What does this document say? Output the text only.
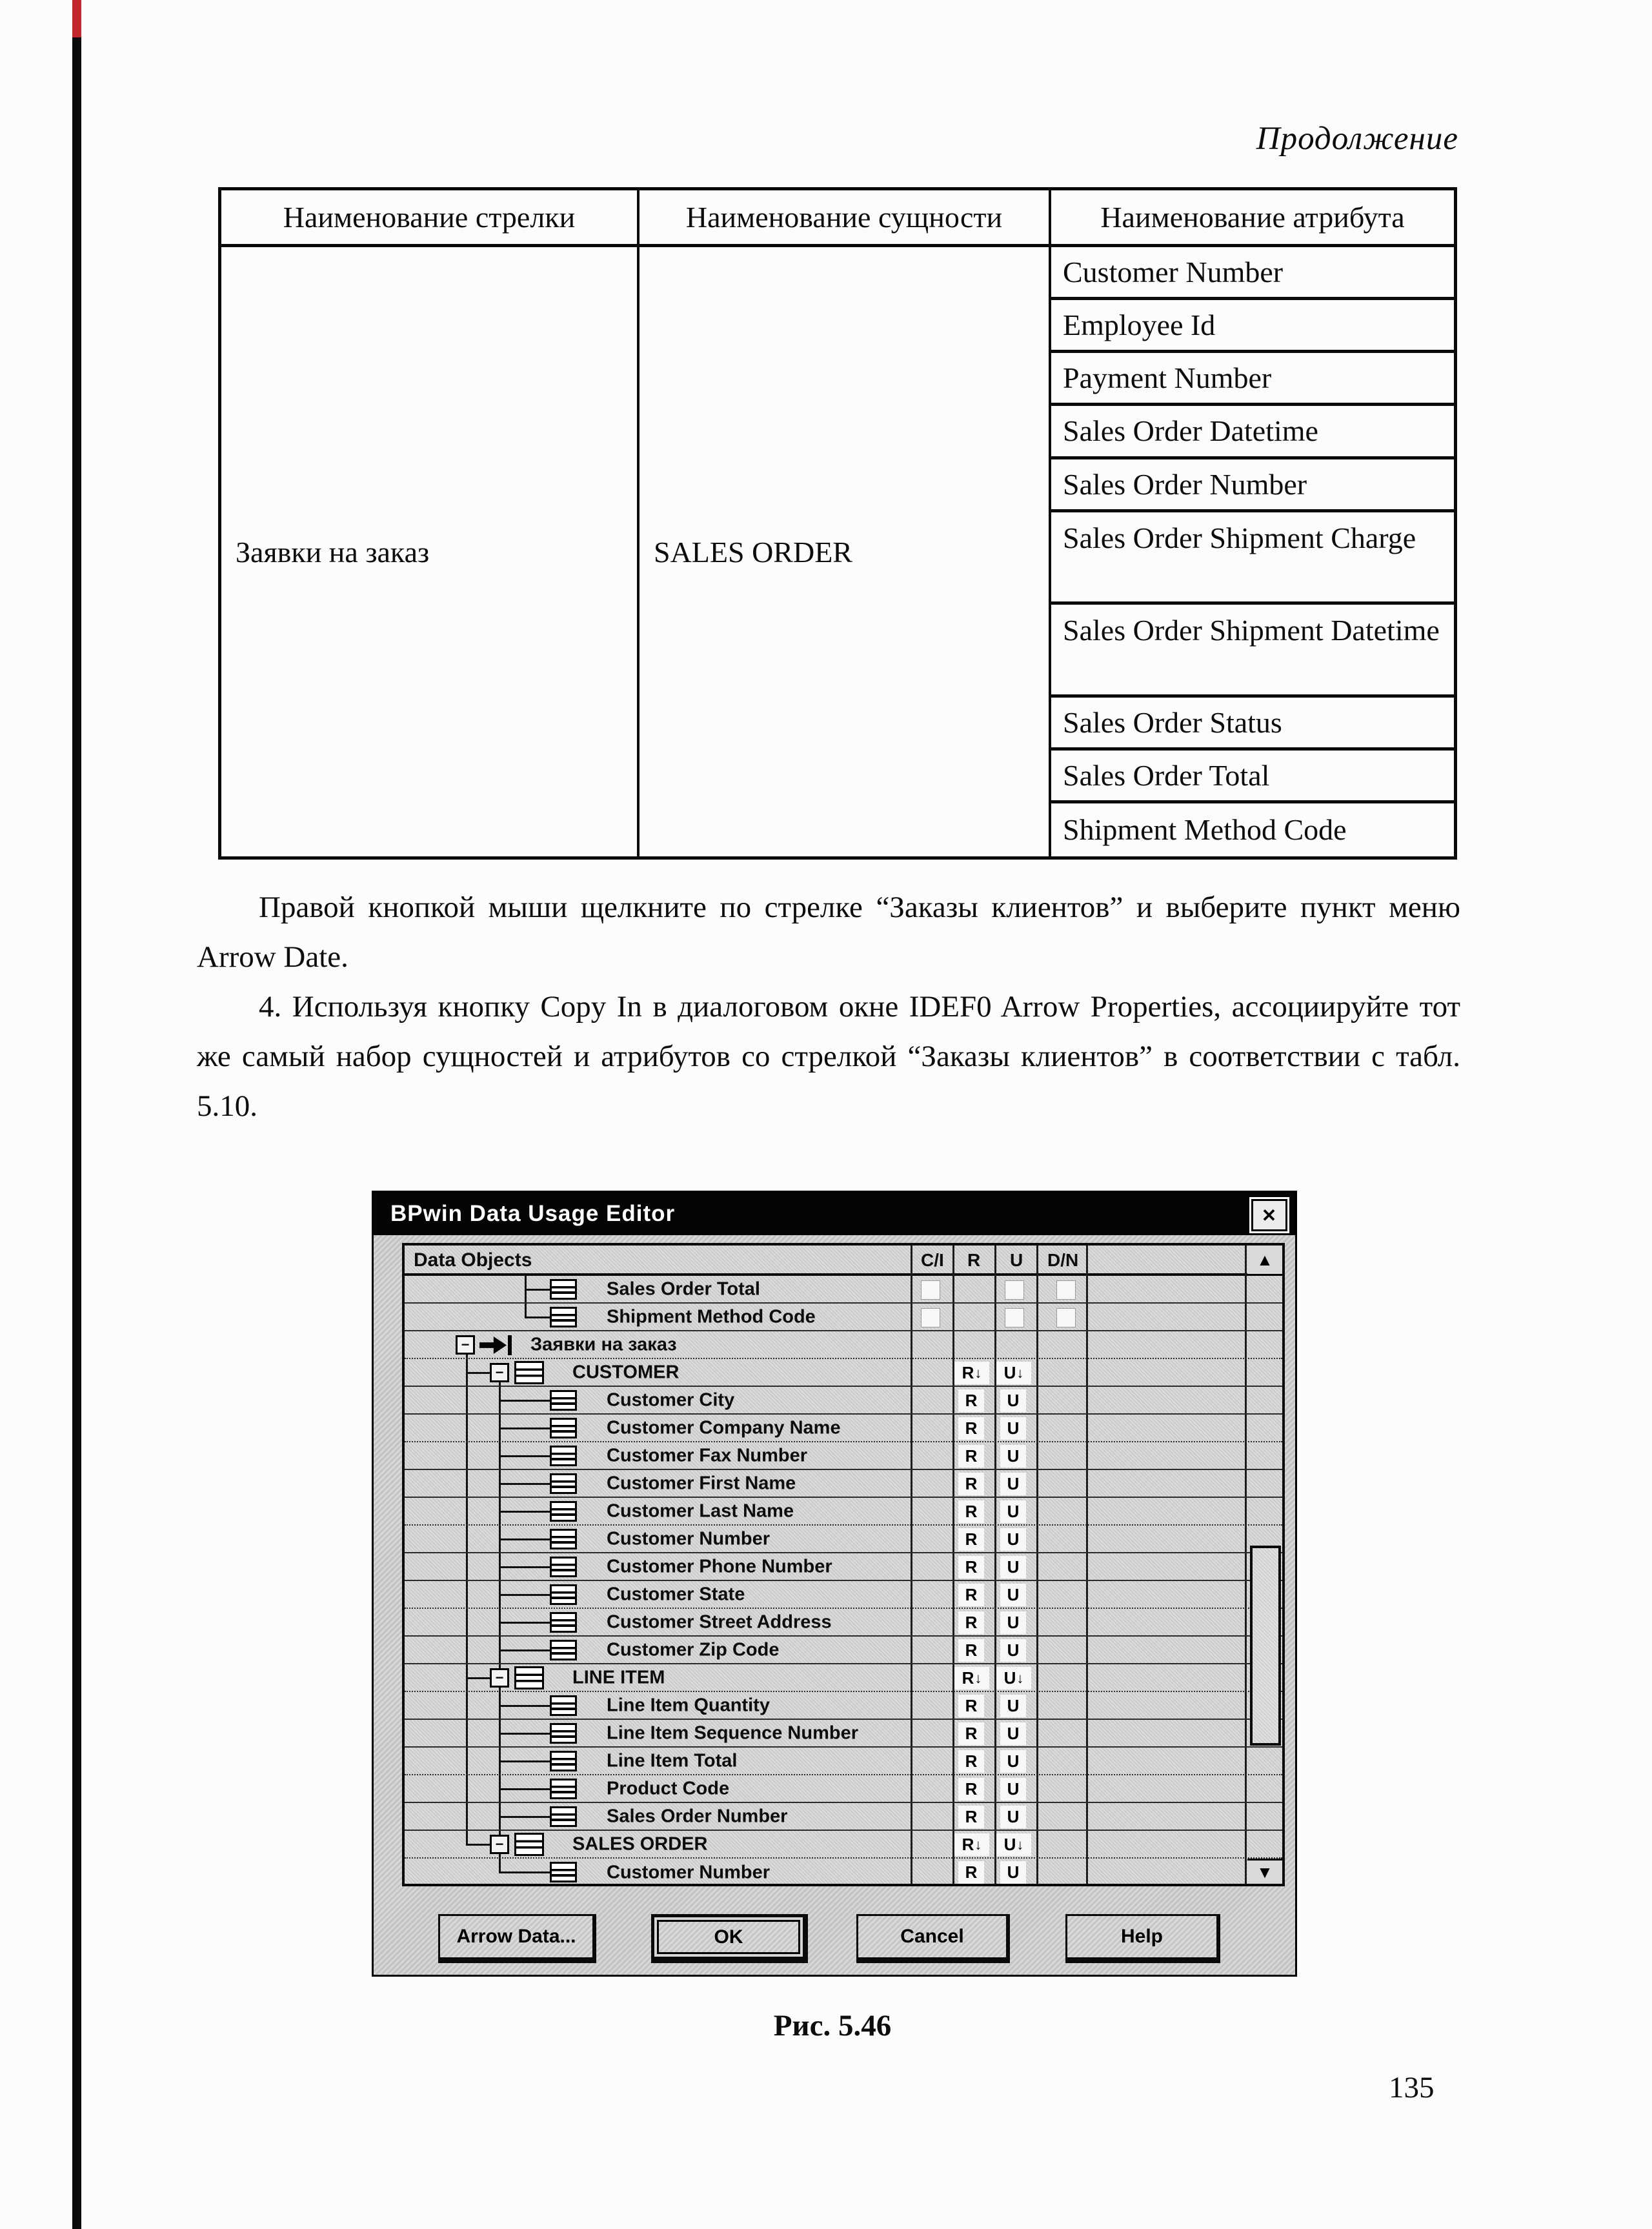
Продолжение
Наименование стрелки	Наименование сущности	Наименование атрибута
Заявки на заказ	SALES ORDER
Customer Number
Employee Id
Payment Number
Sales Order Datetime
Sales Order Number
Sales Order Shipment Charge
Sales Order Shipment Datetime
Sales Order Status
Sales Order Total
Shipment Method Code

Правой кнопкой мыши щелкните по стрелке “Заказы клиентов” и выберите пункт меню Arrow Date.

4. Используя кнопку Copy In в диалоговом окне IDEF0 Arrow Properties, ассоциируйте тот же самый набор сущностей и атрибутов со стрелкой “Заказы клиентов” в соответствии с табл. 5.10.

BPwin Data Usage Editor	✕
Data Objects	C/I R U D/N
Sales Order Total
Shipment Method Code
−	Заявки на заказ
−	CUSTOMER	R ↓	U ↓
Customer City	R	U
Customer Company Name	R	U
Customer Fax Number	R	U
Customer First Name	R	U
Customer Last Name	R	U
Customer Number	R	U
Customer Phone Number	R	U
Customer State	R	U
Customer Street Address	R	U
Customer Zip Code	R	U
−	LINE ITEM	R ↓	U ↓
Line Item Quantity	R	U
Line Item Sequence Number	R	U
Line Item Total	R	U
Product Code	R	U
Sales Order Number	R	U
−	SALES ORDER	R ↓	U ↓
Customer Number	R	U
▲
▼
Arrow Data...	OK	Cancel	Help
Рис. 5.46
135
